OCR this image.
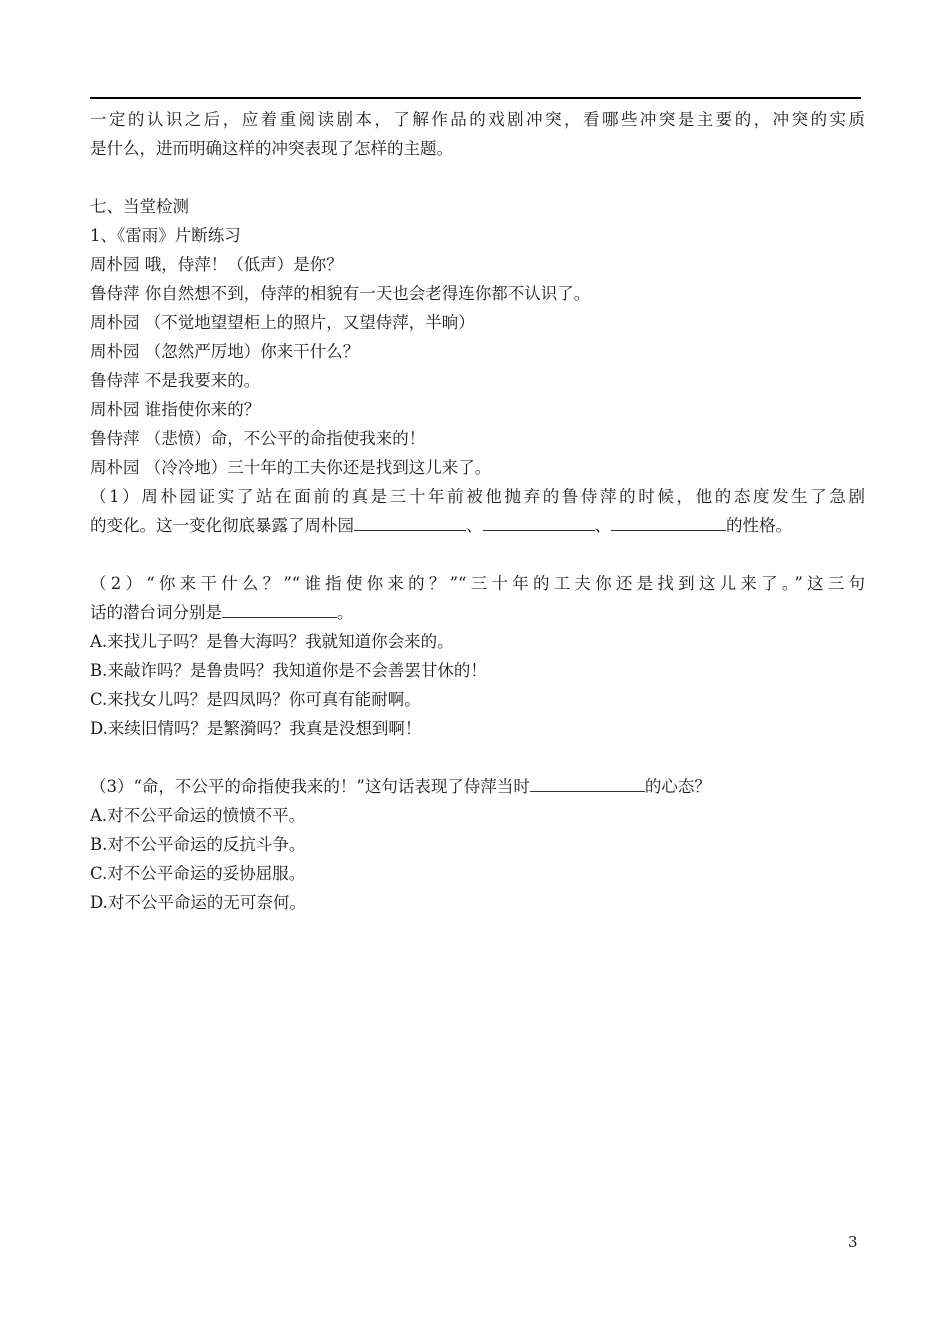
一定的认识之后，应着重阅读剧本，了解作品的戏剧冲突，看哪些冲突是主要的，冲突的实质
是什么，进而明确这样的冲突表现了怎样的主题。
七、当堂检测
1、《雷雨》片断练习
周朴园 哦，侍萍！（低声）是你？
鲁侍萍 你自然想不到，侍萍的相貌有一天也会老得连你都不认识了。
周朴园 （不觉地望望柜上的照片，又望侍萍，半晌）
周朴园 （忽然严厉地）你来干什么？
鲁侍萍 不是我要来的。
周朴园 谁指使你来的？
鲁侍萍 （悲愤）命，不公平的命指使我来的！
周朴园 （冷冷地）三十年的工夫你还是找到这儿来了。
（1）周朴园证实了站在面前的真是三十年前被他抛弃的鲁侍萍的时候，他的态度发生了急剧
的变化。这一变化彻底暴露了周朴园	、	、	的性格。
（2）“你来干什么？”“谁指使你来的？”“三十年的工夫你还是找到这儿来了。”这三句
话的潜台词分别是	。
A.来找儿子吗？是鲁大海吗？我就知道你会来的。
B.来敲诈吗？是鲁贵吗？我知道你是不会善罢甘休的！
C.来找女儿吗？是四凤吗？你可真有能耐啊。
D.来续旧情吗？是繁漪吗？我真是没想到啊！
（3）“命，不公平的命指使我来的！”这句话表现了侍萍当时	的心态？
A.对不公平命运的愤愤不平。
B.对不公平命运的反抗斗争。
C.对不公平命运的妥协屈服。
D.对不公平命运的无可奈何。
3
